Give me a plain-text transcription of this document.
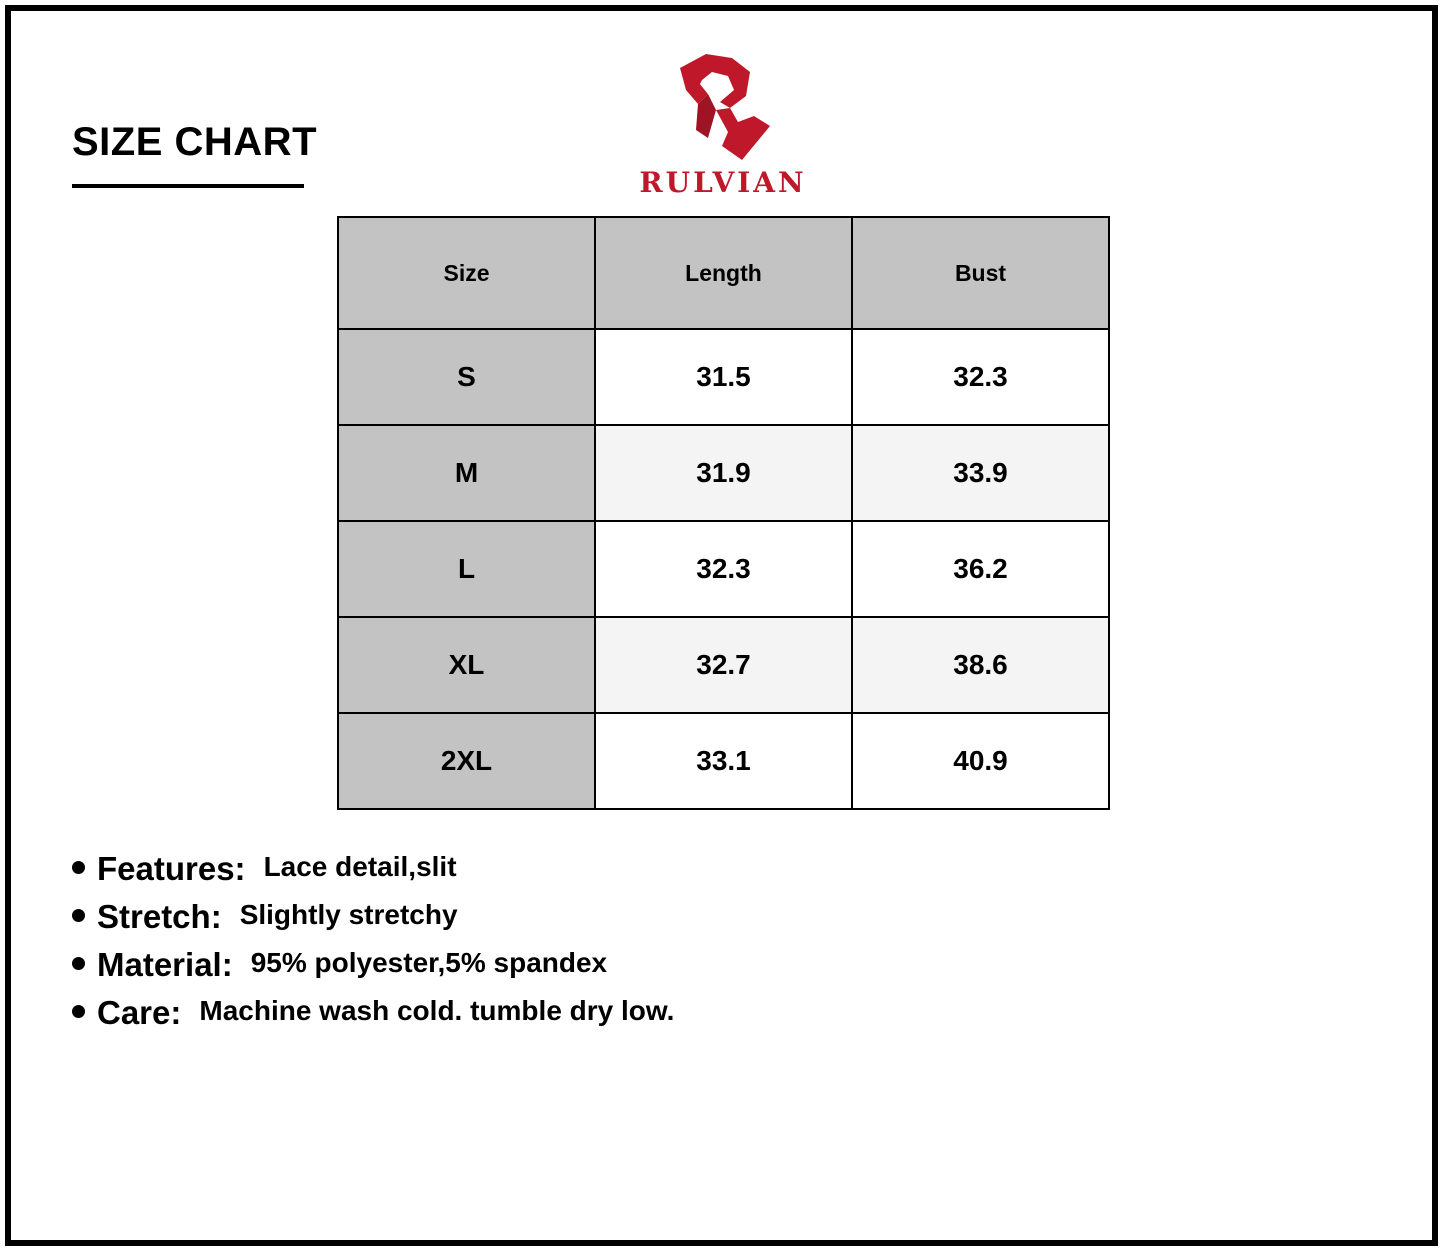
SIZE CHART
RULVIAN
Size	Length	Bust
S	31.5	32.3
M	31.9	33.9
L	32.3	36.2
XL	32.7	38.6
2XL	33.1	40.9
Features: Lace detail,slit
Stretch: Slightly stretchy
Material: 95% polyester,5% spandex
Care: Machine wash cold. tumble dry low.
